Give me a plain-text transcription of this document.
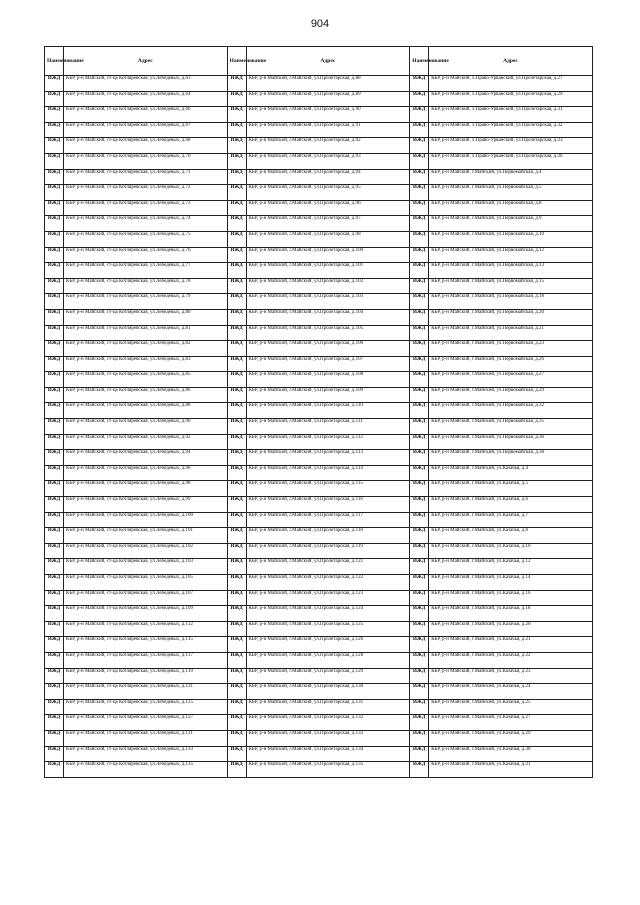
904
Наименование	Адрес	Наименование	Адрес	Наименование	Адрес
ИЖД	КБР, р-н Майский, ст-ца Котляревская, ул.Лебедевых, д.63	ИЖД	КБР, р-н Майский, г.Майский, ул.Пролетарская, д.88	ИЖД	КБР, р-н Майский, х.Право-Урванский, ул.Пролетарская, д.27
ИЖД	КБР, р-н Майский, ст-ца Котляревская, ул.Лебедевых, д.64	ИЖД	КБР, р-н Майский, г.Майский, ул.Пролетарская, д.89	ИЖД	КБР, р-н Майский, х.Право-Урванский, ул.Пролетарская, д.29
ИЖД	КБР, р-н Майский, ст-ца Котляревская, ул.Лебедевых, д.66	ИЖД	КБР, р-н Майский, г.Майский, ул.Пролетарская, д.90	ИЖД	КБР, р-н Майский, х.Право-Урванский, ул.Пролетарская, д.31
ИЖД	КБР, р-н Майский, ст-ца Котляревская, ул.Лебедевых, д.67	ИЖД	КБР, р-н Майский, г.Майский, ул.Пролетарская, д.91	ИЖД	КБР, р-н Майский, х.Право-Урванский, ул.Пролетарская, д.32
ИЖД	КБР, р-н Майский, ст-ца Котляревская, ул.Лебедевых, д.68	ИЖД	КБР, р-н Майский, г.Майский, ул.Пролетарская, д.92	ИЖД	КБР, р-н Майский, х.Право-Урванский, ул.Пролетарская, д.33
ИЖД	КБР, р-н Майский, ст-ца Котляревская, ул.Лебедевых, д.70	ИЖД	КБР, р-н Майский, г.Майский, ул.Пролетарская, д.93	ИЖД	КБР, р-н Майский, х.Право-Урванский, ул.Пролетарская, д.36
ИЖД	КБР, р-н Майский, ст-ца Котляревская, ул.Лебедевых, д.71	ИЖД	КБР, р-н Майский, г.Майский, ул.Пролетарская, д.94	ИЖД	КБР, р-н Майский, г.Майский, ул.Первомайская, д.4
ИЖД	КБР, р-н Майский, ст-ца Котляревская, ул.Лебедевых, д.72	ИЖД	КБР, р-н Майский, г.Майский, ул.Пролетарская, д.95	ИЖД	КБР, р-н Майский, г.Майский, ул.Первомайская, д.5
ИЖД	КБР, р-н Майский, ст-ца Котляревская, ул.Лебедевых, д.73	ИЖД	КБР, р-н Майский, г.Майский, ул.Пролетарская, д.96	ИЖД	КБР, р-н Майский, г.Майский, ул.Первомайская, д.8
ИЖД	КБР, р-н Майский, ст-ца Котляревская, ул.Лебедевых, д.74	ИЖД	КБР, р-н Майский, г.Майский, ул.Пролетарская, д.97	ИЖД	КБР, р-н Майский, г.Майский, ул.Первомайская, д.9
ИЖД	КБР, р-н Майский, ст-ца Котляревская, ул.Лебедевых, д.75	ИЖД	КБР, р-н Майский, г.Майский, ул.Пролетарская, д.98	ИЖД	КБР, р-н Майский, г.Майский, ул.Первомайская, д.10
ИЖД	КБР, р-н Майский, ст-ца Котляревская, ул.Лебедевых, д.76	ИЖД	КБР, р-н Майский, г.Майский, ул.Пролетарская, д.100	ИЖД	КБР, р-н Майский, г.Майский, ул.Первомайская, д.12
ИЖД	КБР, р-н Майский, ст-ца Котляревская, ул.Лебедевых, д.77	ИЖД	КБР, р-н Майский, г.Майский, ул.Пролетарская, д.101	ИЖД	КБР, р-н Майский, г.Майский, ул.Первомайская, д.13
ИЖД	КБР, р-н Майский, ст-ца Котляревская, ул.Лебедевых, д.78	ИЖД	КБР, р-н Майский, г.Майский, ул.Пролетарская, д.102	ИЖД	КБР, р-н Майский, г.Майский, ул.Первомайская, д.15
ИЖД	КБР, р-н Майский, ст-ца Котляревская, ул.Лебедевых, д.79	ИЖД	КБР, р-н Майский, г.Майский, ул.Пролетарская, д.103	ИЖД	КБР, р-н Майский, г.Майский, ул.Первомайская, д.18
ИЖД	КБР, р-н Майский, ст-ца Котляревская, ул.Лебедевых, д.80	ИЖД	КБР, р-н Майский, г.Майский, ул.Пролетарская, д.104	ИЖД	КБР, р-н Майский, г.Майский, ул.Первомайская, д.20
ИЖД	КБР, р-н Майский, ст-ца Котляревская, ул.Лебедевых, д.81	ИЖД	КБР, р-н Майский, г.Майский, ул.Пролетарская, д.105	ИЖД	КБР, р-н Майский, г.Майский, ул.Первомайская, д.21
ИЖД	КБР, р-н Майский, ст-ца Котляревская, ул.Лебедевых, д.82	ИЖД	КБР, р-н Майский, г.Майский, ул.Пролетарская, д.106	ИЖД	КБР, р-н Майский, г.Майский, ул.Первомайская, д.23
ИЖД	КБР, р-н Майский, ст-ца Котляревская, ул.Лебедевых, д.83	ИЖД	КБР, р-н Майский, г.Майский, ул.Пролетарская, д.107	ИЖД	КБР, р-н Майский, г.Майский, ул.Первомайская, д.26
ИЖД	КБР, р-н Майский, ст-ца Котляревская, ул.Лебедевых, д.85	ИЖД	КБР, р-н Майский, г.Майский, ул.Пролетарская, д.108	ИЖД	КБР, р-н Майский, г.Майский, ул.Первомайская, д.27
ИЖД	КБР, р-н Майский, ст-ца Котляревская, ул.Лебедевых, д.86	ИЖД	КБР, р-н Майский, г.Майский, ул.Пролетарская, д.109	ИЖД	КБР, р-н Майский, г.Майский, ул.Первомайская, д.29
ИЖД	КБР, р-н Майский, ст-ца Котляревская, ул.Лебедевых, д.88	ИЖД	КБР, р-н Майский, г.Майский, ул.Пролетарская, д.110	ИЖД	КБР, р-н Майский, г.Майский, ул.Первомайская, д.32
ИЖД	КБР, р-н Майский, ст-ца Котляревская, ул.Лебедевых, д.90	ИЖД	КБР, р-н Майский, г.Майский, ул.Пролетарская, д.111	ИЖД	КБР, р-н Майский, г.Майский, ул.Первомайская, д.35
ИЖД	КБР, р-н Майский, ст-ца Котляревская, ул.Лебедевых, д.92	ИЖД	КБР, р-н Майский, г.Майский, ул.Пролетарская, д.112	ИЖД	КБР, р-н Майский, г.Майский, ул.Первомайская, д.36
ИЖД	КБР, р-н Майский, ст-ца Котляревская, ул.Лебедевых, д.94	ИЖД	КБР, р-н Майский, г.Майский, ул.Пролетарская, д.113	ИЖД	КБР, р-н Майский, г.Майский, ул.Первомайская, д.38
ИЖД	КБР, р-н Майский, ст-ца Котляревская, ул.Лебедевых, д.96	ИЖД	КБР, р-н Майский, г.Майский, ул.Пролетарская, д.114	ИЖД	КБР, р-н Майский, г.Майский, ул.Казачья, д.4
ИЖД	КБР, р-н Майский, ст-ца Котляревская, ул.Лебедевых, д.98	ИЖД	КБР, р-н Майский, г.Майский, ул.Пролетарская, д.115	ИЖД	КБР, р-н Майский, г.Майский, ул.Казачья, д.5
ИЖД	КБР, р-н Майский, ст-ца Котляревская, ул.Лебедевых, д.99	ИЖД	КБР, р-н Майский, г.Майский, ул.Пролетарская, д.116	ИЖД	КБР, р-н Майский, г.Майский, ул.Казачья, д.6
ИЖД	КБР, р-н Майский, ст-ца Котляревская, ул.Лебедевых, д.100	ИЖД	КБР, р-н Майский, г.Майский, ул.Пролетарская, д.117	ИЖД	КБР, р-н Майский, г.Майский, ул.Казачья, д.7
ИЖД	КБР, р-н Майский, ст-ца Котляревская, ул.Лебедевых, д.101	ИЖД	КБР, р-н Майский, г.Майский, ул.Пролетарская, д.118	ИЖД	КБР, р-н Майский, г.Майский, ул.Казачья, д.8
ИЖД	КБР, р-н Майский, ст-ца Котляревская, ул.Лебедевых, д.102	ИЖД	КБР, р-н Майский, г.Майский, ул.Пролетарская, д.119	ИЖД	КБР, р-н Майский, г.Майский, ул.Казачья, д.10
ИЖД	КБР, р-н Майский, ст-ца Котляревская, ул.Лебедевых, д.103	ИЖД	КБР, р-н Майский, г.Майский, ул.Пролетарская, д.121	ИЖД	КБР, р-н Майский, г.Майский, ул.Казачья, д.12
ИЖД	КБР, р-н Майский, ст-ца Котляревская, ул.Лебедевых, д.105	ИЖД	КБР, р-н Майский, г.Майский, ул.Пролетарская, д.122	ИЖД	КБР, р-н Майский, г.Майский, ул.Казачья, д.14
ИЖД	КБР, р-н Майский, ст-ца Котляревская, ул.Лебедевых, д.107	ИЖД	КБР, р-н Майский, г.Майский, ул.Пролетарская, д.123	ИЖД	КБР, р-н Майский, г.Майский, ул.Казачья, д.16
ИЖД	КБР, р-н Майский, ст-ца Котляревская, ул.Лебедевых, д.109	ИЖД	КБР, р-н Майский, г.Майский, ул.Пролетарская, д.124	ИЖД	КБР, р-н Майский, г.Майский, ул.Казачья, д.18
ИЖД	КБР, р-н Майский, ст-ца Котляревская, ул.Лебедевых, д.112	ИЖД	КБР, р-н Майский, г.Майский, ул.Пролетарская, д.125	ИЖД	КБР, р-н Майский, г.Майский, ул.Казачья, д.20
ИЖД	КБР, р-н Майский, ст-ца Котляревская, ул.Лебедевых, д.115	ИЖД	КБР, р-н Майский, г.Майский, ул.Пролетарская, д.126	ИЖД	КБР, р-н Майский, г.Майский, ул.Казачья, д.21
ИЖД	КБР, р-н Майский, ст-ца Котляревская, ул.Лебедевых, д.117	ИЖД	КБР, р-н Майский, г.Майский, ул.Пролетарская, д.128	ИЖД	КБР, р-н Майский, г.Майский, ул.Казачья, д.22
ИЖД	КБР, р-н Майский, ст-ца Котляревская, ул.Лебедевых, д.119	ИЖД	КБР, р-н Майский, г.Майский, ул.Пролетарская, д.129	ИЖД	КБР, р-н Майский, г.Майский, ул.Казачья, д.23
ИЖД	КБР, р-н Майский, ст-ца Котляревская, ул.Лебедевых, д.121	ИЖД	КБР, р-н Майский, г.Майский, ул.Пролетарская, д.130	ИЖД	КБР, р-н Майский, г.Майский, ул.Казачья, д.24
ИЖД	КБР, р-н Майский, ст-ца Котляревская, ул.Лебедевых, д.125	ИЖД	КБР, р-н Майский, г.Майский, ул.Пролетарская, д.131	ИЖД	КБР, р-н Майский, г.Майский, ул.Казачья, д.25
ИЖД	КБР, р-н Майский, ст-ца Котляревская, ул.Лебедевых, д.127	ИЖД	КБР, р-н Майский, г.Майский, ул.Пролетарская, д.132	ИЖД	КБР, р-н Майский, г.Майский, ул.Казачья, д.27
ИЖД	КБР, р-н Майский, ст-ца Котляревская, ул.Лебедевых, д.131	ИЖД	КБР, р-н Майский, г.Майский, ул.Пролетарская, д.133	ИЖД	КБР, р-н Майский, г.Майский, ул.Казачья, д.29
ИЖД	КБР, р-н Майский, ст-ца Котляревская, ул.Лебедевых, д.133	ИЖД	КБР, р-н Майский, г.Майский, ул.Пролетарская, д.134	ИЖД	КБР, р-н Майский, г.Майский, ул.Казачья, д.30
ИЖД	КБР, р-н Майский, ст-ца Котляревская, ул.Лебедевых, д.135	ИЖД	КБР, р-н Майский, г.Майский, ул.Пролетарская, д.135	ИЖД	КБР, р-н Майский, г.Майский, ул.Казачья, д.31
